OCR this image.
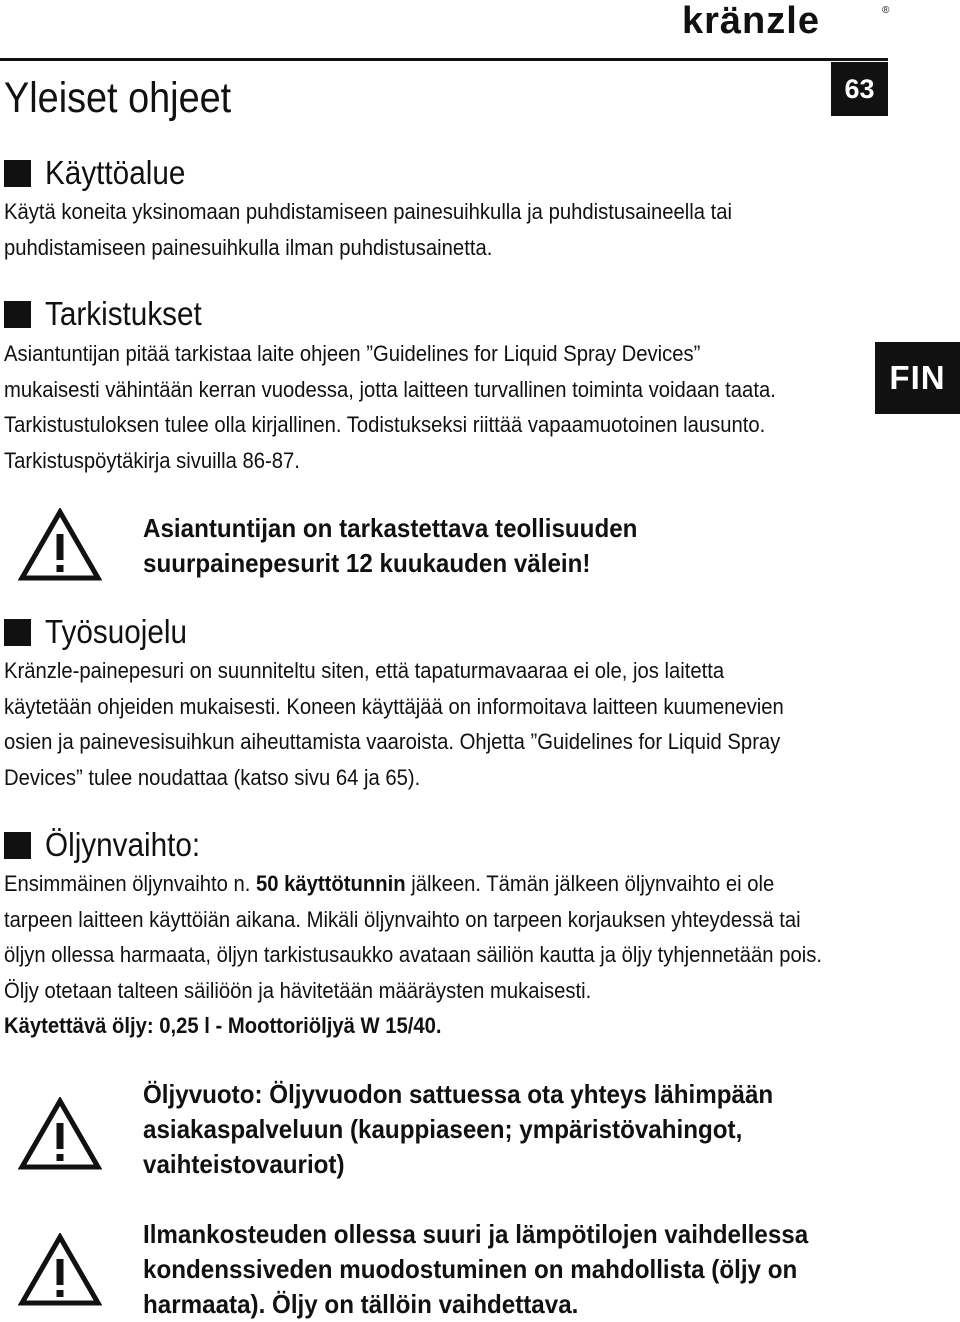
kränzle	®
63
FIN
Yleiset ohjeet
Käyttöalue

Käytä koneita yksinomaan puhdistamiseen painesuihkulla ja puhdistusaineella tai
puhdistamiseen painesuihkulla ilman puhdistusainetta.

Tarkistukset

Asiantuntijan pitää tarkistaa laite ohjeen ”Guidelines for Liquid Spray Devices”
mukaisesti vähintään kerran vuodessa, jotta laitteen turvallinen toiminta voidaan taata.
Tarkistustuloksen tulee olla kirjallinen. Todistukseksi riittää vapaamuotoinen lausunto.
Tarkistuspöytäkirja sivuilla 86-87.

Asiantuntijan on tarkastettava teollisuuden
suurpainepesurit 12 kuukauden välein!

Työsuojelu

Kränzle-painepesuri on suunniteltu siten, että tapaturmavaaraa ei ole, jos laitetta
käytetään ohjeiden mukaisesti. Koneen käyttäjää on informoitava laitteen kuumenevien
osien ja painevesisuihkun aiheuttamista vaaroista. Ohjetta ”Guidelines for Liquid Spray
Devices” tulee noudattaa (katso sivu 64 ja 65).

Öljynvaihto:

Ensimmäinen öljynvaihto n. 50 käyttötunnin jälkeen. Tämän jälkeen öljynvaihto ei ole
tarpeen laitteen käyttöiän aikana. Mikäli öljynvaihto on tarpeen korjauksen yhteydessä tai
öljyn ollessa harmaata, öljyn tarkistusaukko avataan säiliön kautta ja öljy tyhjennetään pois.
Öljy otetaan talteen säiliöön ja hävitetään määräysten mukaisesti.
Käytettävä öljy: 0,25 l - Moottoriöljyä W 15/40.

Öljyvuoto: Öljyvuodon sattuessa ota yhteys lähimpään
asiakaspalveluun (kauppiaseen; ympäristövahingot,
vaihteistovauriot)

Ilmankosteuden ollessa suuri ja lämpötilojen vaihdellessa
kondenssiveden muodostuminen on mahdollista (öljy on
harmaata). Öljy on tällöin vaihdettava.
